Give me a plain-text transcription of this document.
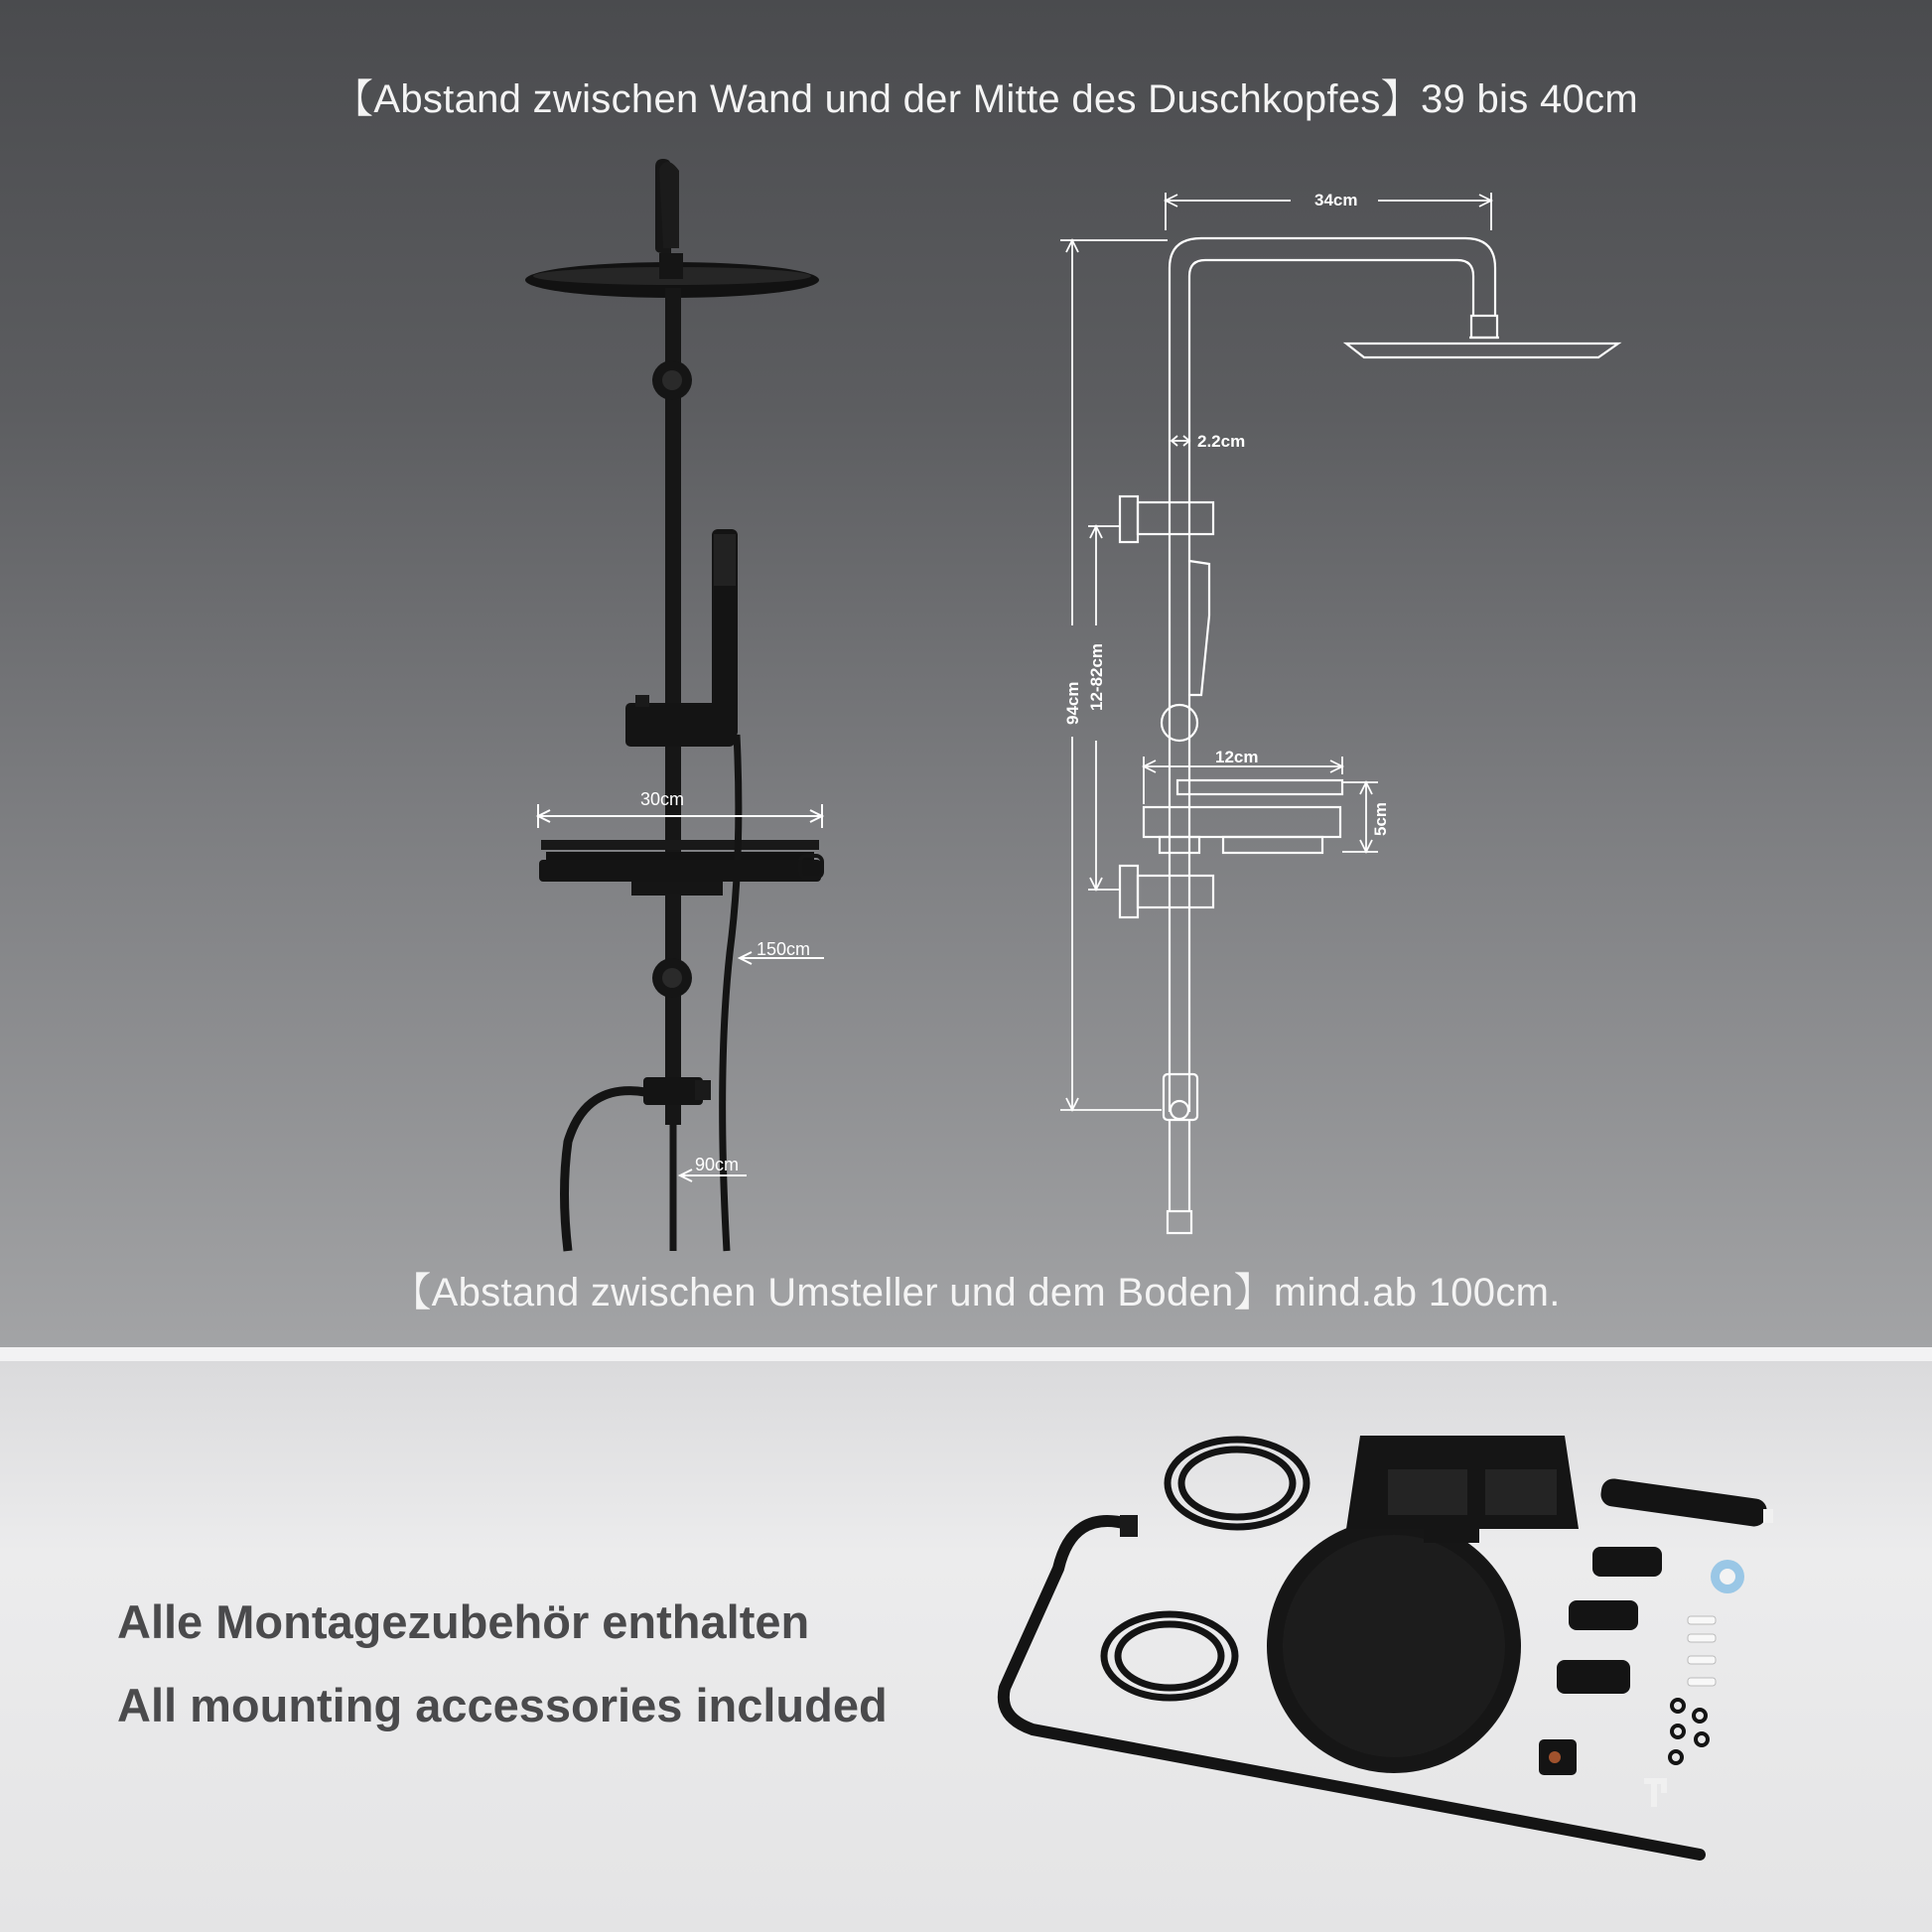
【Abstand zwischen Wand und der Mitte des Duschkopfes】39 bis 40cm

30cm
150cm
90cm
34cm
2.2cm
94cm 12-82cm
12cm
5cm

【Abstand zwischen Umsteller und dem Boden】mind.ab 100cm.

Alle Montagezubehör enthalten
All mounting accessories included
